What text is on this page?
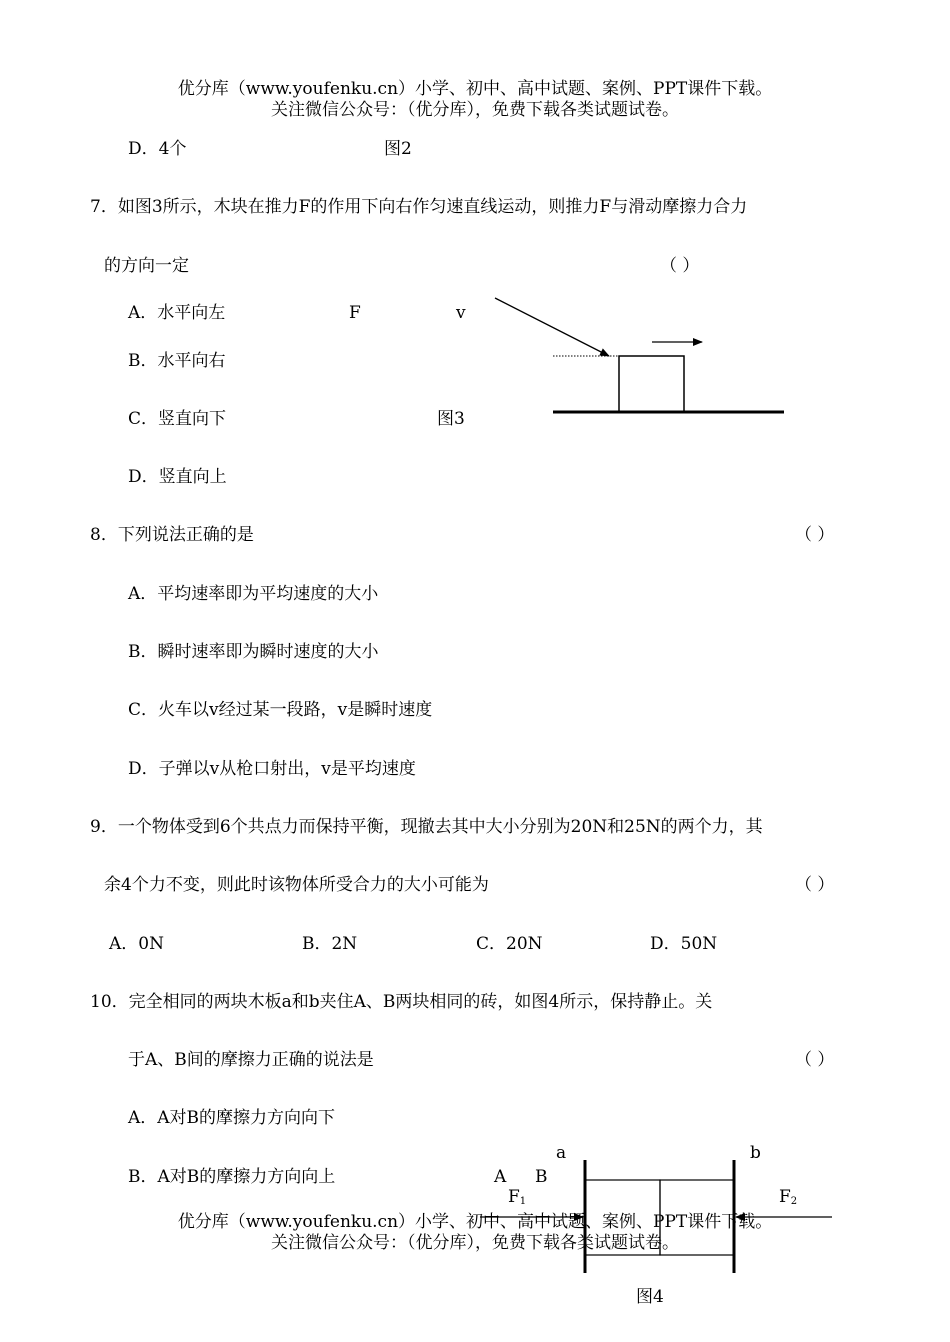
优分库（www.youfenku.cn）小学、初中、高中试题、案例、PPT课件下载。
关注微信公众号：（优分库），免费下载各类试题试卷。
D．4个	图2
7．如图3所示，木块在推力F的作用下向右作匀速直线运动，则推力F与滑动摩擦力合力
的方向一定	（ ）
A．水平向左
B．水平向右
C．竖直向下
D．竖直向上
F	v
图3
8．下列说法正确的是	（ ）
A．平均速率即为平均速度的大小
B．瞬时速率即为瞬时速度的大小
C．火车以v经过某一段路，v是瞬时速度
D．子弹以v从枪口射出，v是平均速度
9．一个物体受到6个共点力而保持平衡，现撤去其中大小分别为20N和25N的两个力，其
余4个力不变，则此时该物体所受合力的大小可能为	（ ）
A．0N	B．2N	C．20N	D．50N
10．完全相同的两块木板a和b夹住A、B两块相同的砖，如图4所示，保持静止。关
于A、B间的摩擦力正确的说法是	（ ）
A．A对B的摩擦力方向向下
B．A对B的摩擦力方向向上
a	b
A B
$F_1$	$F_2$
图4
优分库（www.youfenku.cn）小学、初中、高中试题、案例、PPT课件下载。
关注微信公众号：（优分库），免费下载各类试题试卷。
